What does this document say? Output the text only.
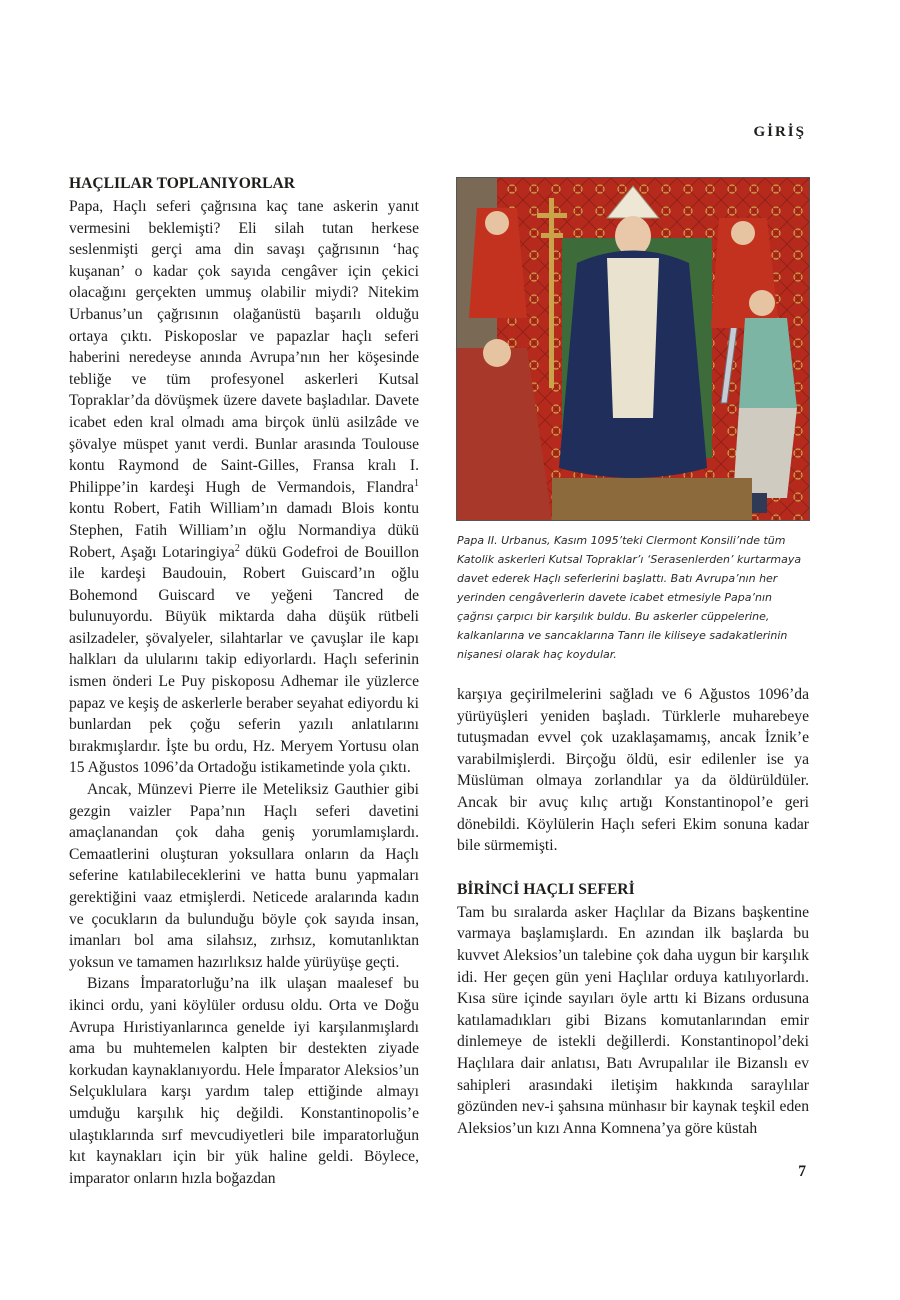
GİRİŞ
HAÇLILAR TOPLANIYORLAR

Papa, Haçlı seferi çağrısına kaç tane askerin yanıt vermesini beklemişti? Eli silah tutan herkese seslenmişti gerçi ama din savaşı çağrısının ‘haç kuşanan’ o kadar çok sayıda cengâver için çekici olacağını gerçekten ummuş olabilir miydi? Nitekim Urbanus’un çağrısının olağanüstü başarılı olduğu ortaya çıktı. Piskoposlar ve papazlar haçlı seferi haberini neredeyse anında Avrupa’nın her köşesinde tebliğe ve tüm profesyonel askerleri Kutsal Topraklar’da dövüşmek üzere davete başladılar. Davete icabet eden kral olmadı ama birçok ünlü asilzâde ve şövalye müspet yanıt verdi. Bunlar arasında Toulouse kontu Raymond de Saint-Gilles, Fransa kralı I. Philippe’in kardeşi Hugh de Vermandois, Flandra$^1$ kontu Robert, Fatih William’ın damadı Blois kontu Stephen, Fatih William’ın oğlu Normandiya dükü Robert, Aşağı Lotaringiya$^2$ dükü Godefroi de Bouillon ile kardeşi Baudouin, Robert Guiscard’ın oğlu Bohemond Guiscard ve yeğeni Tancred de bulunuyordu. Büyük miktarda daha düşük rütbeli asilzadeler, şövalyeler, silahtarlar ve çavuşlar ile kapı halkları da ulularını takip ediyorlardı. Haçlı seferinin ismen önderi Le Puy piskoposu Adhemar ile yüzlerce papaz ve keşiş de askerlerle beraber seyahat ediyordu ki bunlardan pek çoğu seferin yazılı anlatılarını bırakmışlardır. İşte bu ordu, Hz. Meryem Yortusu olan 15 Ağustos 1096’da Ortadoğu istikametinde yola çıktı.

Ancak, Münzevi Pierre ile Meteliksiz Gauthier gibi gezgin vaizler Papa’nın Haçlı seferi davetini amaçlanandan çok daha geniş yorumlamışlardı. Cemaatlerini oluşturan yoksullara onların da Haçlı seferine katılabileceklerini ve hatta bunu yapmaları gerektiğini vaaz etmişlerdi. Neticede aralarında kadın ve çocukların da bulunduğu böyle çok sayıda insan, imanları bol ama silahsız, zırhsız, komutanlıktan yoksun ve tamamen hazırlıksız halde yürüyüşe geçti.

Bizans İmparatorluğu’na ilk ulaşan maalesef bu ikinci ordu, yani köylüler ordusu oldu. Orta ve Doğu Avrupa Hıristiyanlarınca genelde iyi karşılanmışlardı ama bu muhtemelen kalpten bir destekten ziyade korkudan kaynaklanıyordu. Hele İmparator Aleksios’un Selçuklulara karşı yardım talep ettiğinde almayı umduğu karşılık hiç değildi. Konstantinopolis’e ulaştıklarında sırf mevcudiyetleri bile imparatorluğun kıt kaynakları için bir yük haline geldi. Böylece, imparator onların hızla boğazdan

Papa II. Urbanus, Kasım 1095’teki Clermont Konsili’nde tüm Katolik askerleri Kutsal Topraklar’ı ‘Serasenlerden’ kurtarmaya davet ederek Haçlı seferlerini başlattı. Batı Avrupa’nın her yerinden cengâverlerin davete icabet etmesiyle Papa’nın çağrısı çarpıcı bir karşılık buldu. Bu askerler cüppelerine, kalkanlarına ve sancaklarına Tanrı ile kiliseye sadakatlerinin nişanesi olarak haç koydular.

karşıya geçirilmelerini sağladı ve 6 Ağustos 1096’da yürüyüşleri yeniden başladı. Türklerle muharebeye tutuşmadan evvel çok uzaklaşamamış, ancak İznik’e varabilmişlerdi. Birçoğu öldü, esir edilenler ise ya Müslüman olmaya zorlandılar ya da öldürüldüler. Ancak bir avuç kılıç artığı Konstantinopol’e geri dönebildi. Köylülerin Haçlı seferi Ekim sonuna kadar bile sürmemişti.

BİRİNCİ HAÇLI SEFERİ

Tam bu sıralarda asker Haçlılar da Bizans başkentine varmaya başlamışlardı. En azından ilk başlarda bu kuvvet Aleksios’un talebine çok daha uygun bir karşılık idi. Her geçen gün yeni Haçlılar orduya katılıyorlardı. Kısa süre içinde sayıları öyle arttı ki Bizans ordusuna katılamadıkları gibi Bizans komutanlarından emir dinlemeye de istekli değillerdi. Konstantinopol’deki Haçlılara dair anlatısı, Batı Avrupalılar ile Bizanslı ev sahipleri arasındaki iletişim hakkında saraylılar gözünden nev-i şahsına münhasır bir kaynak teşkil eden Aleksios’un kızı Anna Komnena’ya göre küstah

7
